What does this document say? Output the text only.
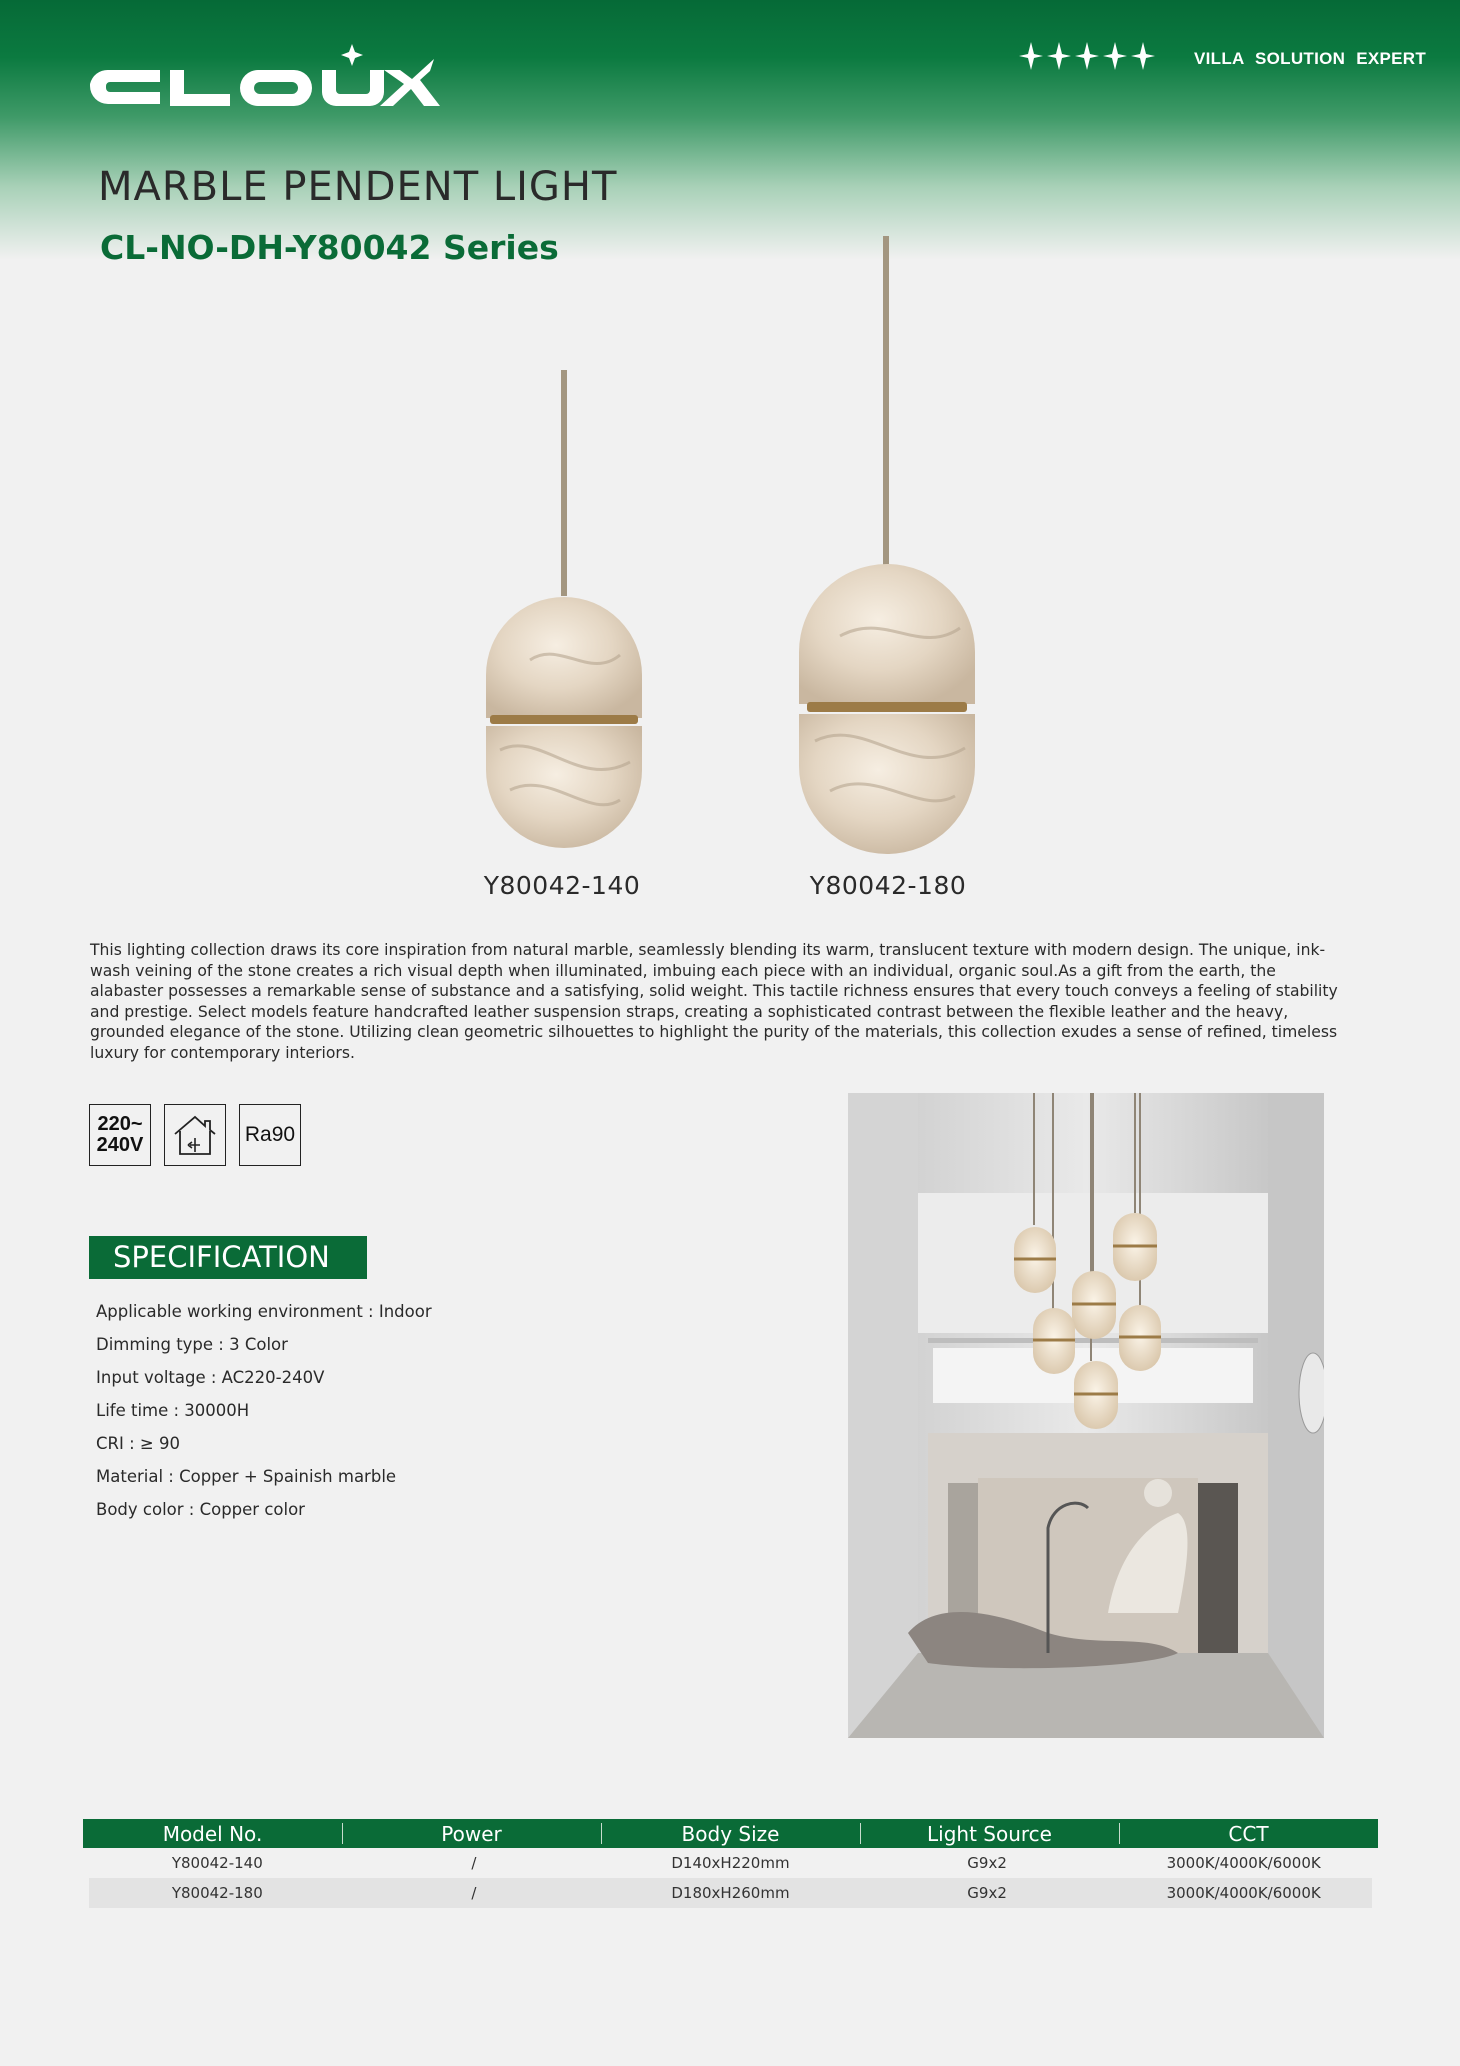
VILLA SOLUTION EXPERT
MARBLE PENDENT LIGHT
CL-NO-DH-Y80042 Series
Y80042-140	Y80042-180

This lighting collection draws its core inspiration from natural marble, seamlessly blending its warm, translucent texture with modern design. The unique, ink-wash veining of the stone creates a rich visual depth when illuminated, imbuing each piece with an individual, organic soul.As a gift from the earth, the alabaster possesses a remarkable sense of substance and a satisfying, solid weight. This tactile richness ensures that every touch conveys a feeling of stability and prestige. Select models feature handcrafted leather suspension straps, creating a sophisticated contrast between the flexible leather and the heavy, grounded elegance of the stone. Utilizing clean geometric silhouettes to highlight the purity of the materials, this collection exudes a sense of refined, timeless luxury for contemporary interiors.

220~
240V	Ra90
SPECIFICATION
Applicable working environment : Indoor
Dimming type : 3 Color
Input voltage : AC220-240V
Life time : 30000H
CRI : ≥ 90
Material : Copper + Spainish marble
Body color : Copper color
Model No.	Power	Body Size	Light Source	CCT
Y80042-140	/	D140xH220mm	G9x2	3000K/4000K/6000K
Y80042-180	/	D180xH260mm	G9x2	3000K/4000K/6000K
